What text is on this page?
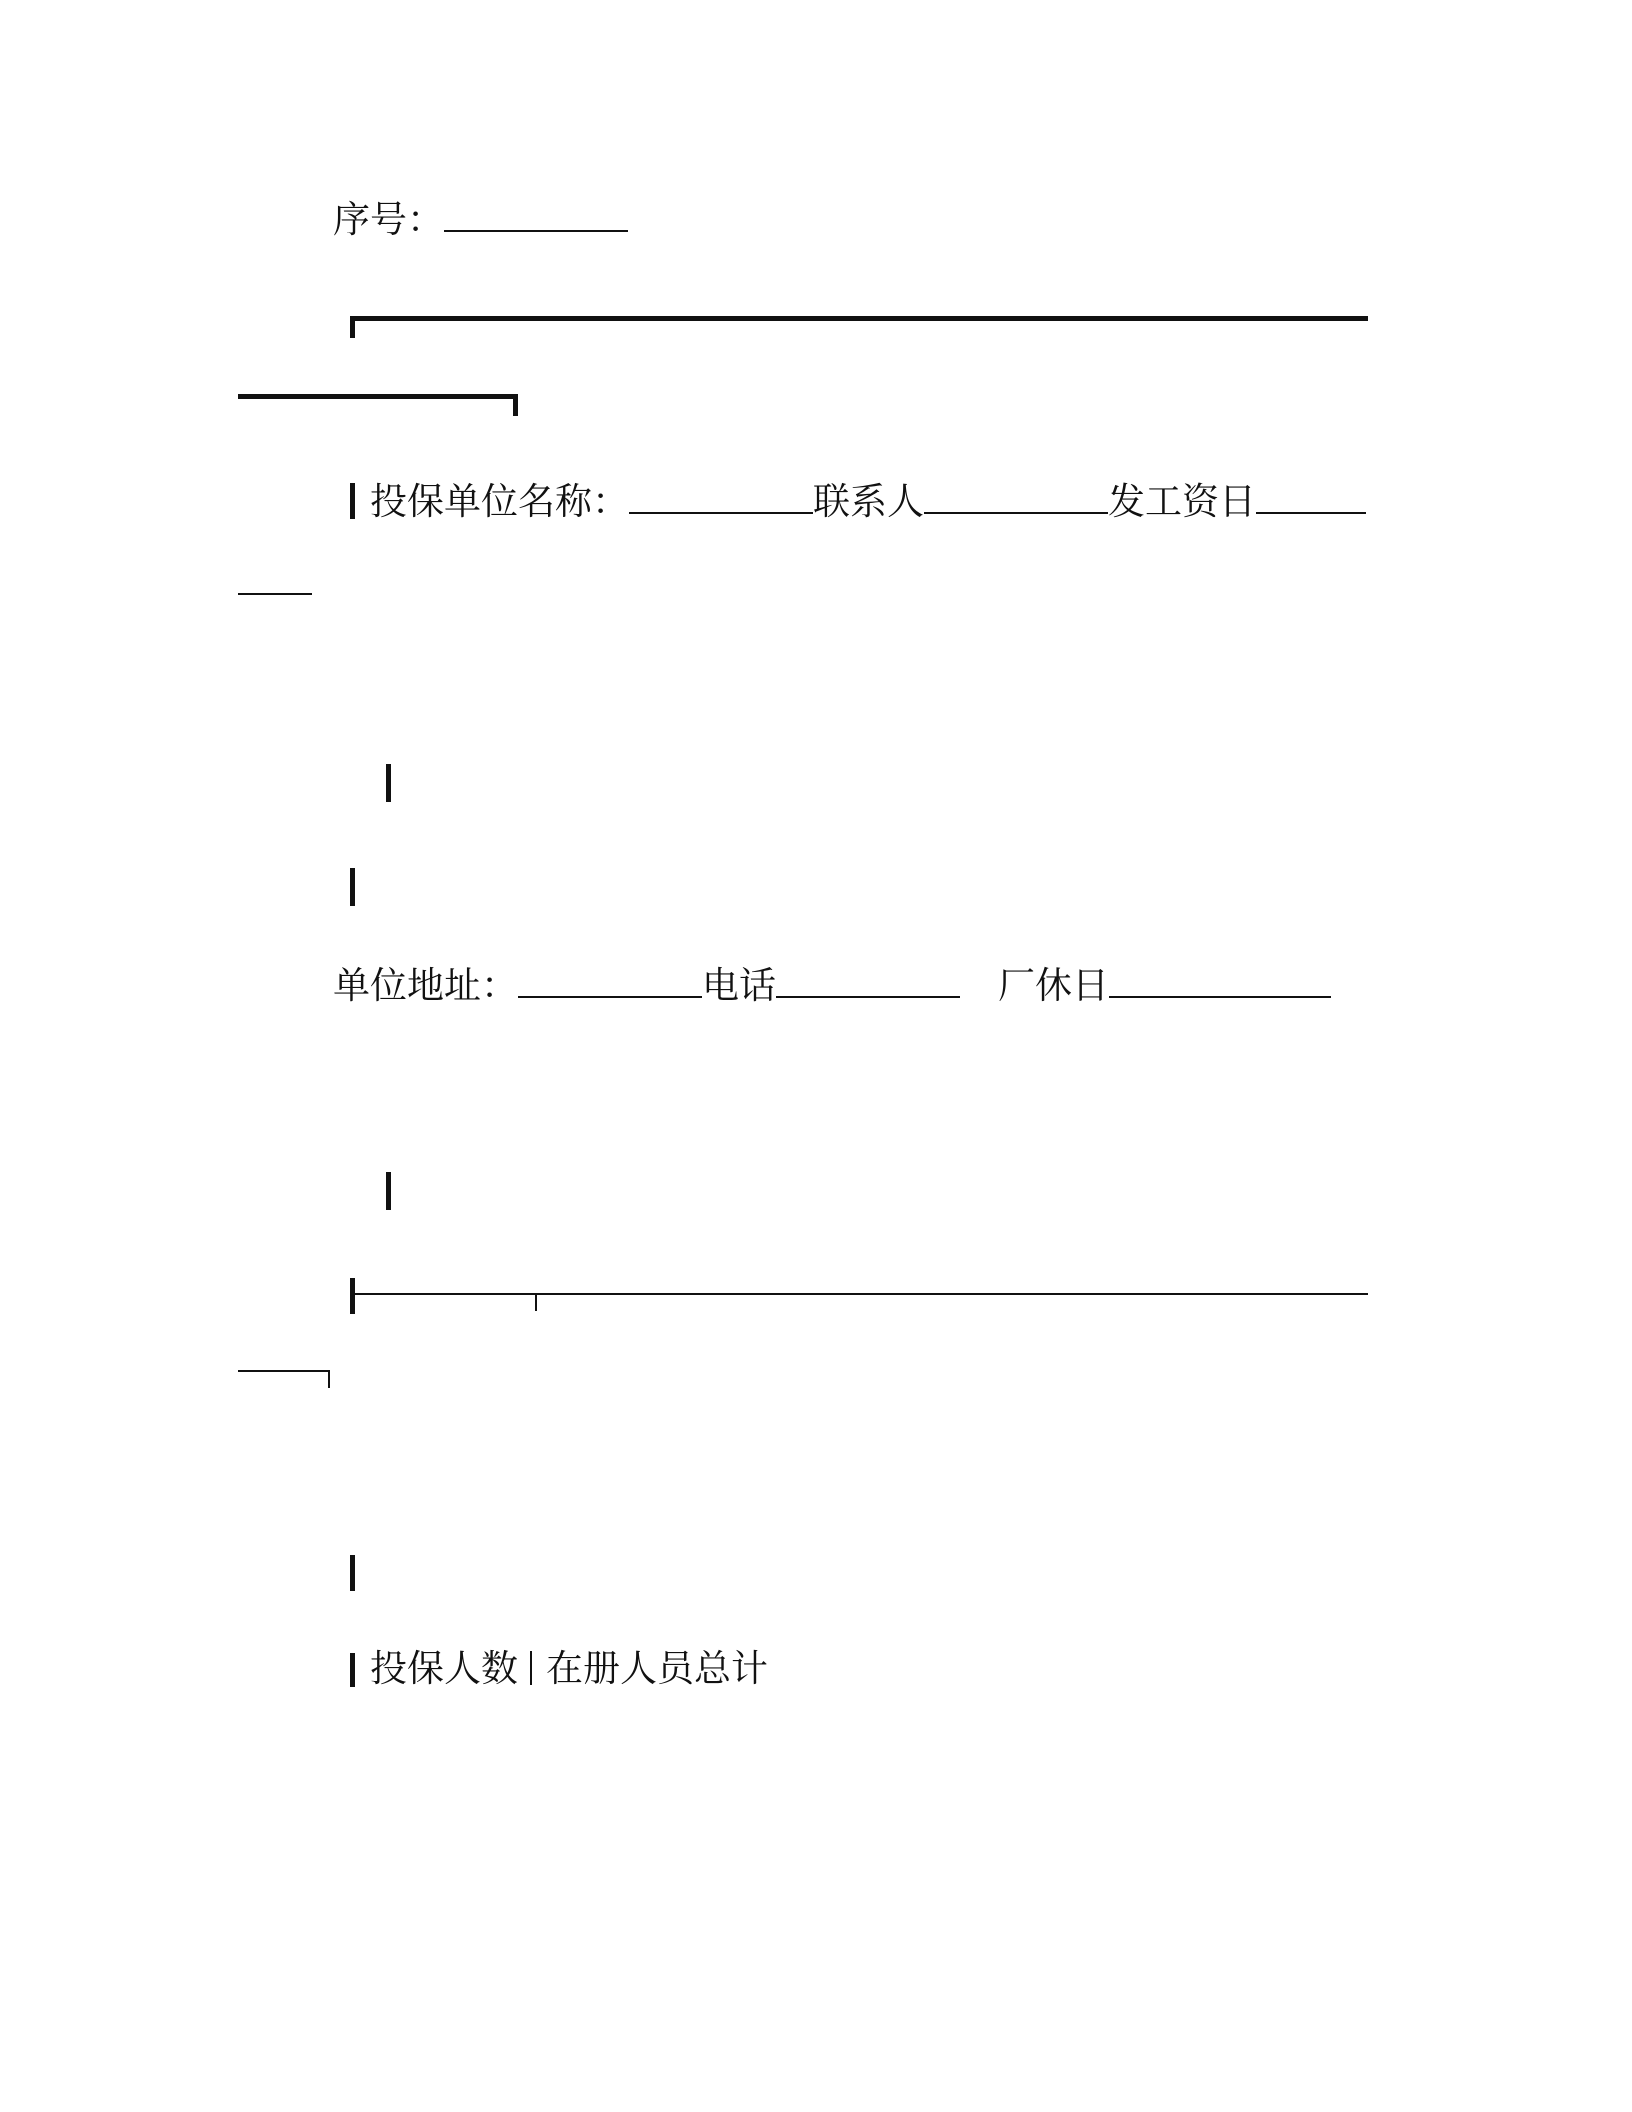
序号：
投保单位名称：	联系人	发工资日
单位地址：	电话	厂休日
投保人数 在册人员总计
